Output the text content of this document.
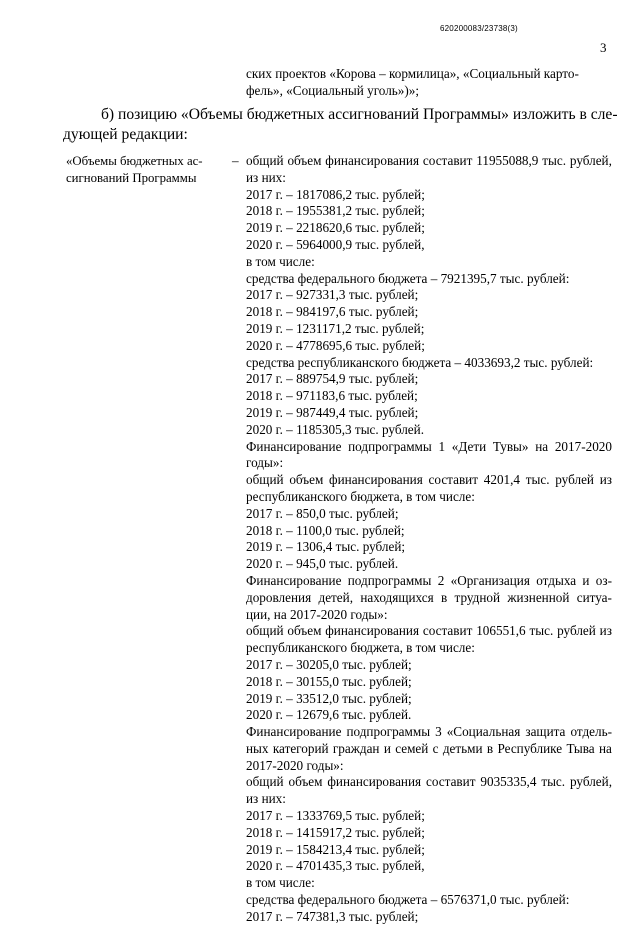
620200083/23738(3)
3
ских проектов «Корова – кормилица», «Социальный карто-
фель», «Социальный уголь»)»;
б) позицию «Объемы бюджетных ассигнований Программы» изложить в сле-
дующей редакции:
«Объемы бюджетных ас-
сигнований Программы
– общий объем финансирования составит 11955088,9 тыс. рублей,
из них:
2017 г. – 1817086,2 тыс. рублей;
2018 г. – 1955381,2 тыс. рублей;
2019 г. – 2218620,6 тыс. рублей;
2020 г. – 5964000,9 тыс. рублей,
в том числе:
средства федерального бюджета – 7921395,7 тыс. рублей:
2017 г. – 927331,3 тыс. рублей;
2018 г. – 984197,6 тыс. рублей;
2019 г. – 1231171,2 тыс. рублей;
2020 г. – 4778695,6 тыс. рублей;
средства республиканского бюджета – 4033693,2 тыс. рублей:
2017 г. – 889754,9 тыс. рублей;
2018 г. – 971183,6 тыс. рублей;
2019 г. – 987449,4 тыс. рублей;
2020 г. – 1185305,3 тыс. рублей.
Финансирование подпрограммы 1 «Дети Тувы» на 2017-2020
годы»:
общий объем финансирования составит 4201,4 тыс. рублей из
республиканского бюджета, в том числе:
2017 г. – 850,0 тыс. рублей;
2018 г. – 1100,0 тыс. рублей;
2019 г. – 1306,4 тыс. рублей;
2020 г. – 945,0 тыс. рублей.
Финансирование подпрограммы 2 «Организация отдыха и оз-
доровления детей, находящихся в трудной жизненной ситуа-
ции, на 2017-2020 годы»:
общий объем финансирования составит 106551,6 тыс. рублей из
республиканского бюджета, в том числе:
2017 г. – 30205,0 тыс. рублей;
2018 г. – 30155,0 тыс. рублей;
2019 г. – 33512,0 тыс. рублей;
2020 г. – 12679,6 тыс. рублей.
Финансирование подпрограммы 3 «Социальная защита отдель-
ных категорий граждан и семей с детьми в Республике Тыва на
2017-2020 годы»:
общий объем финансирования составит 9035335,4 тыс. рублей,
из них:
2017 г. – 1333769,5 тыс. рублей;
2018 г. – 1415917,2 тыс. рублей;
2019 г. – 1584213,4 тыс. рублей;
2020 г. – 4701435,3 тыс. рублей,
в том числе:
средства федерального бюджета – 6576371,0 тыс. рублей:
2017 г. – 747381,3 тыс. рублей;
